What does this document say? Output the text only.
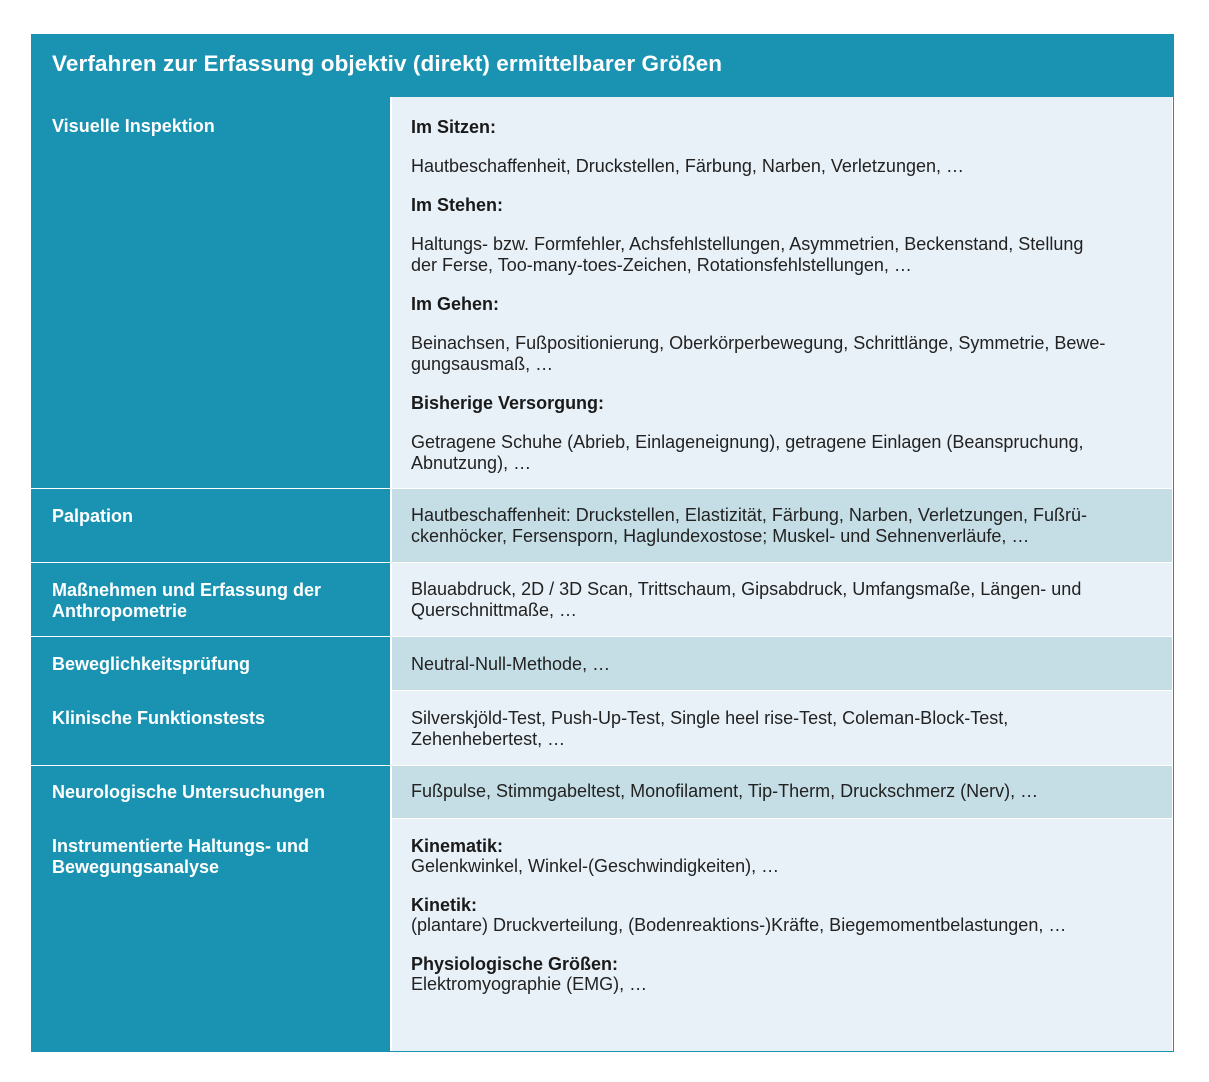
Verfahren zur Erfassung objektiv (direkt) ermittelbarer Größen

Im Sitzen:

Hautbeschaffenheit, Druckstellen, Färbung, Narben, Verletzungen, …

Im Stehen:

Haltungs- bzw. Formfehler, Achsfehlstellungen, Asymmetrien, Beckenstand, Stellung

der Ferse, Too-many-toes-Zeichen, Rotationsfehlstellungen, …

Im Gehen:

Beinachsen, Fußpositionierung, Oberkörperbewegung, Schrittlänge, Symmetrie, Bewe-

gungsausmaß, …

Bisherige Versorgung:

Getragene Schuhe (Abrieb, Einlageneignung), getragene Einlagen (Beanspruchung,

Abnutzung), …

Visuelle Inspektion

Hautbeschaffenheit: Druckstellen, Elastizität, Färbung, Narben, Verletzungen, Fußrü-

ckenhöcker, Fersensporn, Haglundexostose; Muskel- und Sehnenverläufe, …

Palpation

Blauabdruck, 2D / 3D Scan, Trittschaum, Gipsabdruck, Umfangsmaße, Längen- und

Querschnittmaße, …

Maßnehmen und Erfassung der
Anthropometrie

Neutral-Null-Methode, …

Beweglichkeitsprüfung

Silverskjöld-Test, Push-Up-Test, Single heel rise-Test, Coleman-Block-Test,

Zehenhebertest, …

Klinische Funktionstests

Fußpulse, Stimmgabeltest, Monofilament, Tip-Therm, Druckschmerz (Nerv), …

Neurologische Untersuchungen

Kinematik:

Gelenkwinkel, Winkel-(Geschwindigkeiten), …

Kinetik:

(plantare) Druckverteilung, (Bodenreaktions-)Kräfte, Biegemomentbelastungen, …

Physiologische Größen:

Elektromyographie (EMG), …

Instrumentierte Haltungs- und
Bewegungsanalyse
